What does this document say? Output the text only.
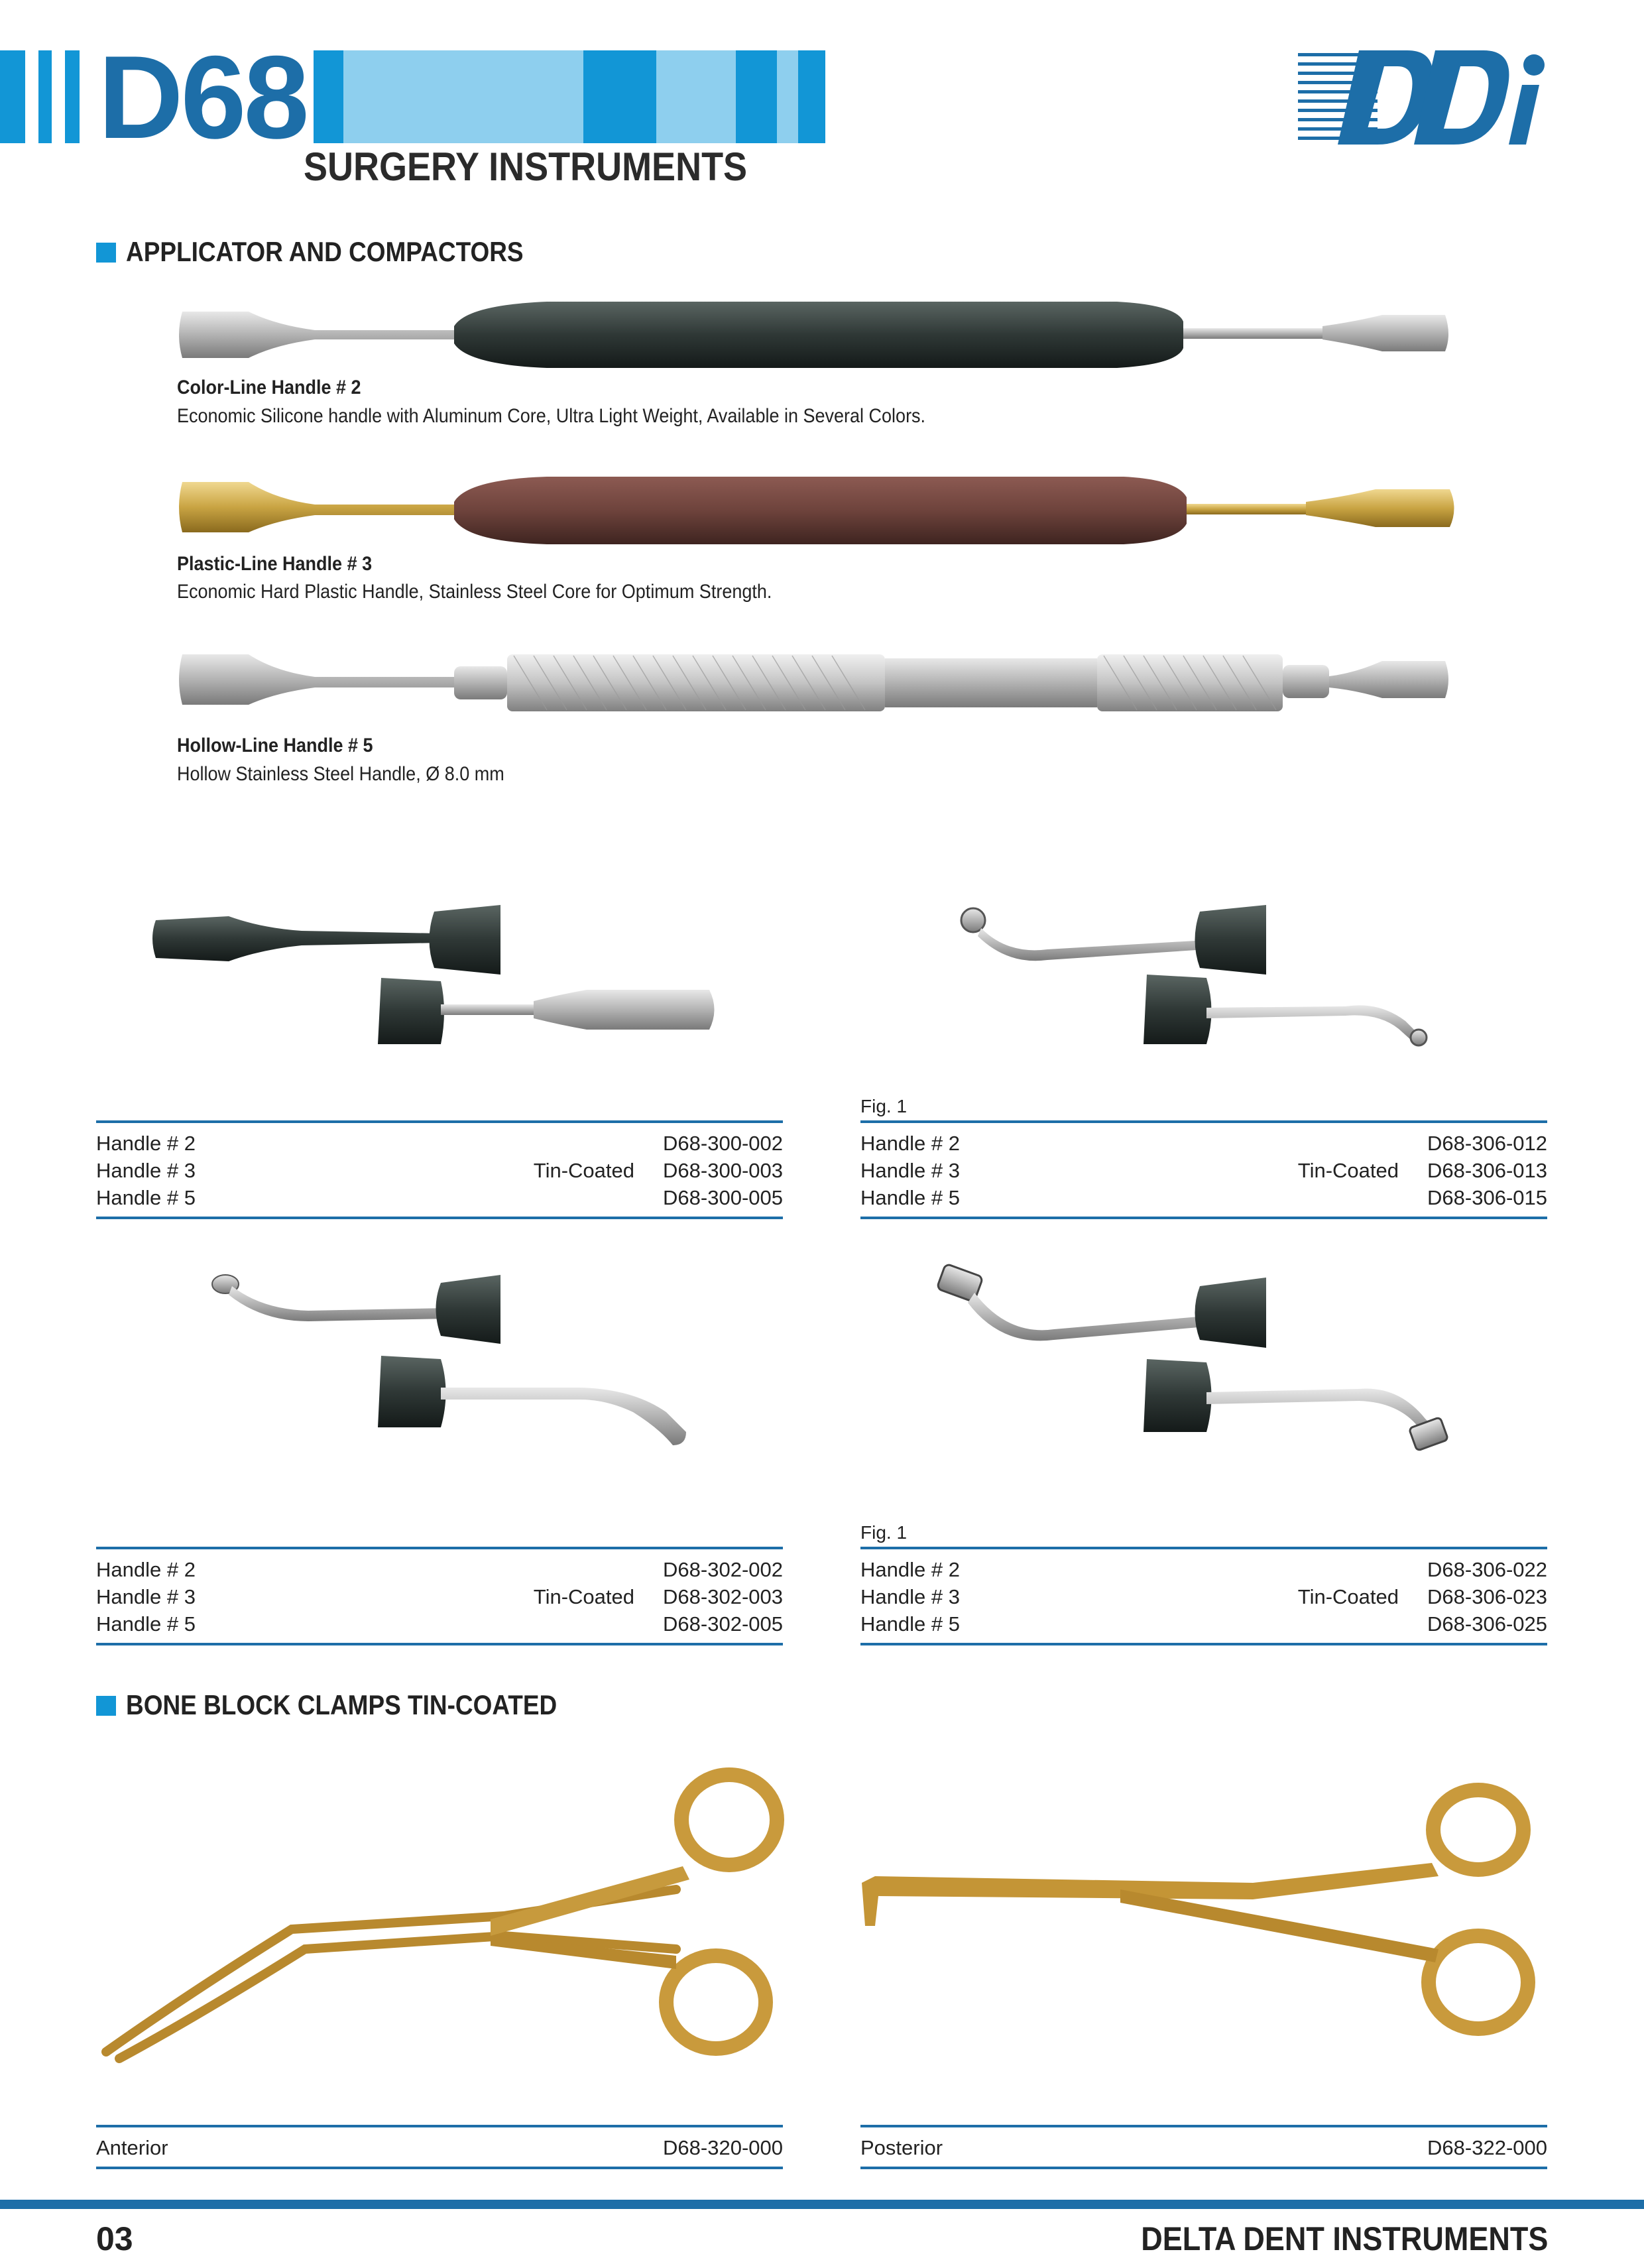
D68
SURGERY INSTRUMENTS
APPLICATOR AND COMPACTORS
Color-Line Handle # 2
Economic Silicone handle with Aluminum Core, Ultra Light Weight, Available in Several Colors.
Plastic-Line Handle # 3
Economic Hard Plastic Handle, Stainless Steel Core for Optimum Strength.
Hollow-Line Handle # 5
Hollow Stainless Steel Handle, Ø 8.0 mm
Handle # 2	D68-300-002
Handle # 3	Tin-Coated D68-300-003
Handle # 5	D68-300-005
Fig. 1
Handle # 2	D68-306-012
Handle # 3	Tin-Coated D68-306-013
Handle # 5	D68-306-015
Handle # 2	D68-302-002
Handle # 3	Tin-Coated D68-302-003
Handle # 5	D68-302-005
Fig. 1
Handle # 2	D68-306-022
Handle # 3	Tin-Coated D68-306-023
Handle # 5	D68-306-025
BONE BLOCK CLAMPS TIN-COATED
Anterior	D68-320-000	Posterior	D68-322-000
03	DELTA DENT INSTRUMENTS
